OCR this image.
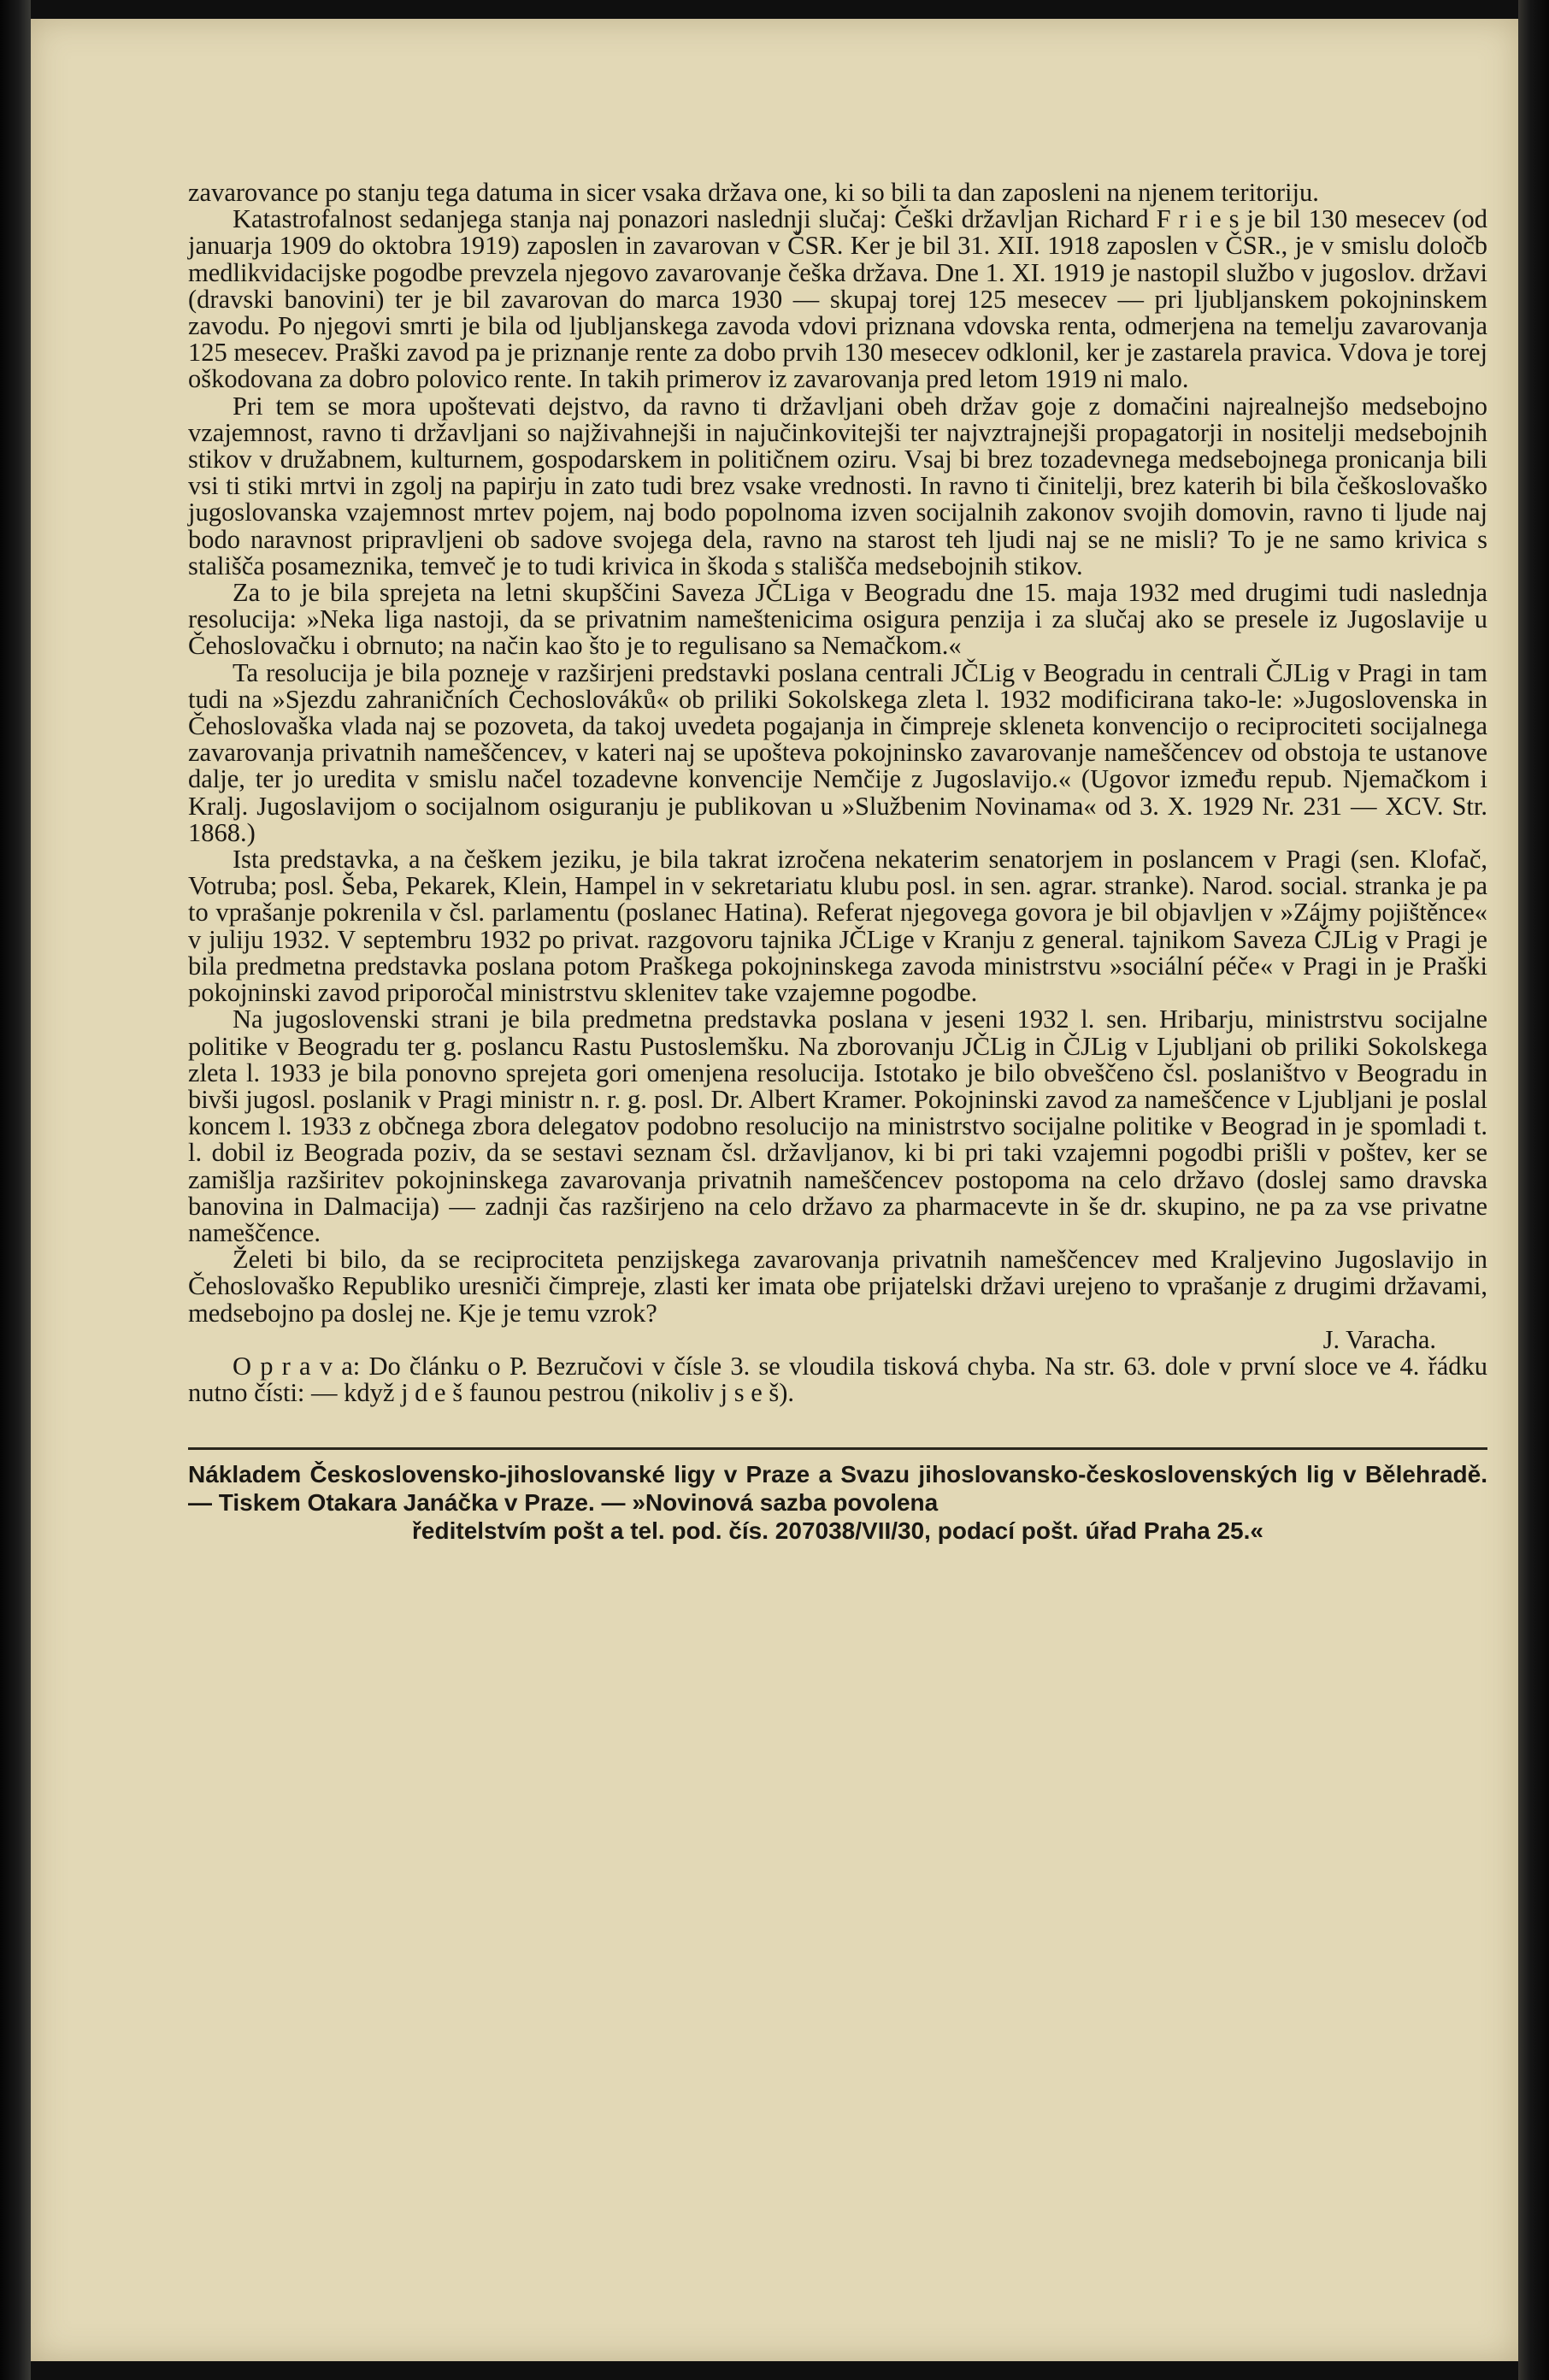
zavarovance po stanju tega datuma in sicer vsaka država one, ki so bili ta dan zaposleni na njenem teritoriju.

Katastrofalnost sedanjega stanja naj ponazori naslednji slučaj: Češki državljan Richard F r i e s je bil 130 mesecev (od januarja 1909 do oktobra 1919) zaposlen in zavarovan v ČSR. Ker je bil 31. XII. 1918 zaposlen v ČSR., je v smislu določb medlikvidacijske pogodbe prevzela njegovo zavarovanje češka država. Dne 1. XI. 1919 je nastopil službo v jugoslov. državi (dravski banovini) ter je bil zavarovan do marca 1930 — skupaj torej 125 mesecev — pri ljubljanskem pokojninskem zavodu. Po njegovi smrti je bila od ljubljanskega zavoda vdovi priznana vdovska renta, odmerjena na temelju zavarovanja 125 mesecev. Praški zavod pa je priznanje rente za dobo prvih 130 mesecev odklonil, ker je zastarela pravica. Vdova je torej oškodovana za dobro polovico rente. In takih primerov iz zavarovanja pred letom 1919 ni malo.

Pri tem se mora upoštevati dejstvo, da ravno ti državljani obeh držav goje z domačini najrealnejšo medsebojno vzajemnost, ravno ti državljani so najživahnejši in najučinkovitejši ter najvztrajnejši propagatorji in nositelji medsebojnih stikov v družabnem, kulturnem, gospodarskem in političnem oziru. Vsaj bi brez tozadevnega medsebojnega pronicanja bili vsi ti stiki mrtvi in zgolj na papirju in zato tudi brez vsake vrednosti. In ravno ti činitelji, brez katerih bi bila češkoslovaško jugoslovanska vzajemnost mrtev pojem, naj bodo popolnoma izven socijalnih zakonov svojih domovin, ravno ti ljude naj bodo naravnost pripravljeni ob sadove svojega dela, ravno na starost teh ljudi naj se ne misli? To je ne samo krivica s stališča posameznika, temveč je to tudi krivica in škoda s stališča medsebojnih stikov.

Za to je bila sprejeta na letni skupščini Saveza JČLiga v Beogradu dne 15. maja 1932 med drugimi tudi naslednja resolucija: »Neka liga nastoji, da se privatnim nameštenicima osigura penzija i za slučaj ako se presele iz Jugoslavije u Čehoslovačku i obrnuto; na način kao što je to regulisano sa Nemačkom.«

Ta resolucija je bila pozneje v razširjeni predstavki poslana centrali JČLig v Beogradu in centrali ČJLig v Pragi in tam tudi na »Sjezdu zahraničních Čechoslováků« ob priliki Sokolskega zleta l. 1932 modificirana tako-le: »Jugoslovenska in Čehoslovaška vlada naj se pozoveta, da takoj uvedeta pogajanja in čimpreje skleneta konvencijo o reciprociteti socijalnega zavarovanja privatnih nameščencev, v kateri naj se upošteva pokojninsko zavarovanje nameščencev od obstoja te ustanove dalje, ter jo uredita v smislu načel tozadevne konvencije Nemčije z Jugoslavijo.« (Ugovor između repub. Njemačkom i Kralj. Jugoslavijom o socijalnom osiguranju je publikovan u »Službenim Novinama« od 3. X. 1929 Nr. 231 — XCV. Str. 1868.)

Ista predstavka, a na češkem jeziku, je bila takrat izročena nekaterim senatorjem in poslancem v Pragi (sen. Klofač, Votruba; posl. Šeba, Pekarek, Klein, Hampel in v sekretariatu klubu posl. in sen. agrar. stranke). Narod. social. stranka je pa to vprašanje pokrenila v čsl. parlamentu (poslanec Hatina). Referat njegovega govora je bil objavljen v »Zájmy pojištěnce« v juliju 1932. V septembru 1932 po privat. razgovoru tajnika JČLige v Kranju z general. tajnikom Saveza ČJLig v Pragi je bila predmetna predstavka poslana potom Praškega pokojninskega zavoda ministrstvu »sociální péče« v Pragi in je Praški pokojninski zavod priporočal ministrstvu sklenitev take vzajemne pogodbe.

Na jugoslovenski strani je bila predmetna predstavka poslana v jeseni 1932 l. sen. Hribarju, ministrstvu socijalne politike v Beogradu ter g. poslancu Rastu Pustoslemšku. Na zborovanju JČLig in ČJLig v Ljubljani ob priliki Sokolskega zleta l. 1933 je bila ponovno sprejeta gori omenjena resolucija. Istotako je bilo obveščeno čsl. poslaništvo v Beogradu in bivši jugosl. poslanik v Pragi ministr n. r. g. posl. Dr. Albert Kramer. Pokojninski zavod za nameščence v Ljubljani je poslal koncem l. 1933 z občnega zbora delegatov podobno resolucijo na ministrstvo socijalne politike v Beograd in je spomladi t. l. dobil iz Beograda poziv, da se sestavi seznam čsl. državljanov, ki bi pri taki vzajemni pogodbi prišli v poštev, ker se zamišlja razširitev pokojninskega zavarovanja privatnih nameščencev postopoma na celo državo (doslej samo dravska banovina in Dalmacija) — zadnji čas razširjeno na celo državo za pharmacevte in še dr. skupino, ne pa za vse privatne nameščence.

Želeti bi bilo, da se reciprociteta penzijskega zavarovanja privatnih nameščencev med Kraljevino Jugoslavijo in Čehoslovaško Republiko uresniči čimpreje, zlasti ker imata obe prijatelski državi urejeno to vprašanje z drugimi državami, medsebojno pa doslej ne. Kje je temu vzrok?

J. Varacha.

O p r a v a: Do článku o P. Bezručovi v čísle 3. se vloudila tisková chyba. Na str. 63. dole v první sloce ve 4. řádku nutno čísti: — když j d e š faunou pestrou (nikoliv j s e š).

Nákladem Československo-jihoslovanské ligy v Praze a Svazu jihoslovansko-československých lig v Bělehradě. — Tiskem Otakara Janáčka v Praze. — »Novinová sazba povolena

ředitelstvím pošt a tel. pod. čís. 207038/VII/30, podací pošt. úřad Praha 25.«
